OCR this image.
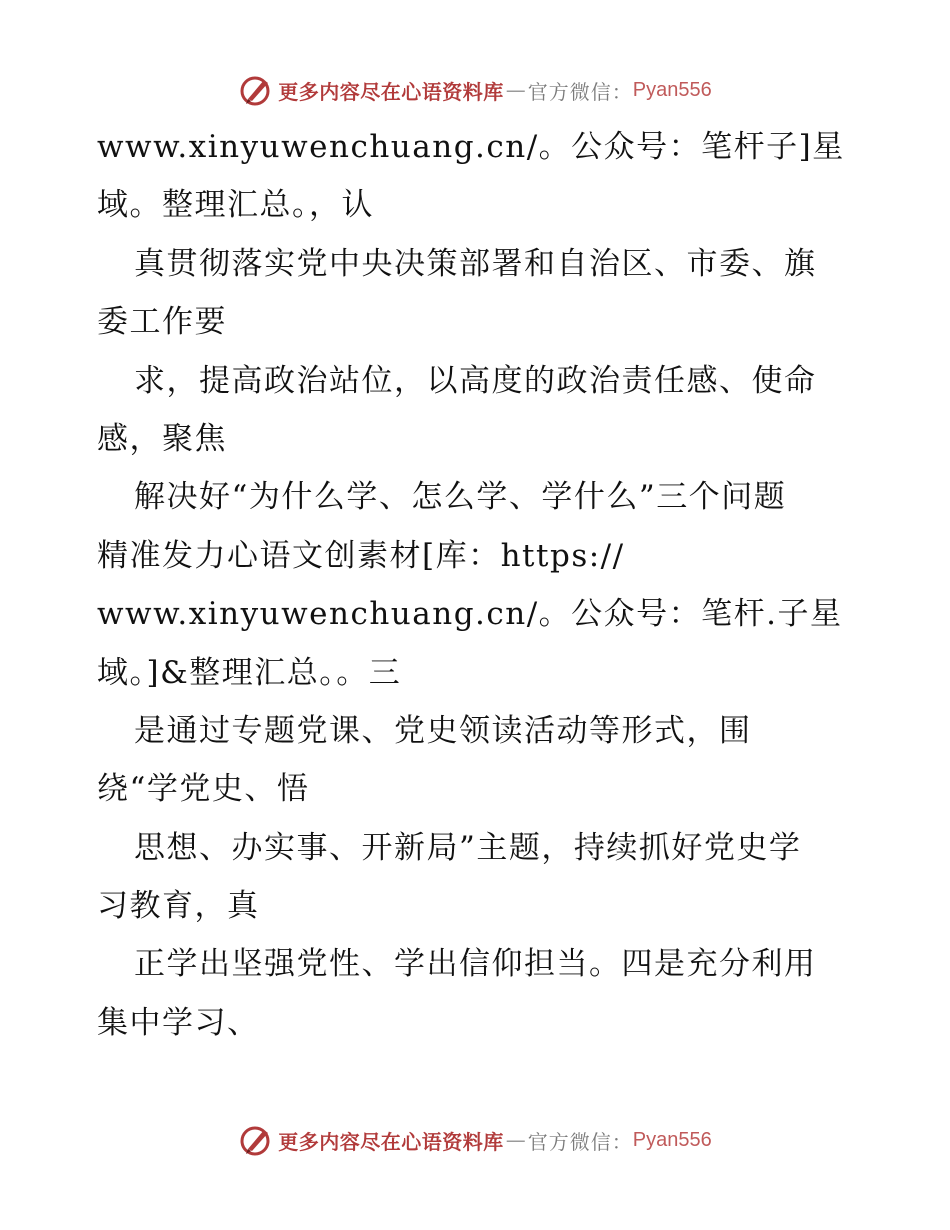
更多内容尽在心语资料库 — 官方微信： Pyan556
www.xinyuwenchuang.cn/。公众号：笔杆子]星
域。整理汇总。，认
真贯彻落实党中央决策部署和自治区、市委、旗
委工作要
求，提高政治站位，以高度的政治责任感、使命
感，聚焦
解决好“为什么学、怎么学、学什么”三个问题
精准发力心语文创素材[库：https://
www.xinyuwenchuang.cn/。公众号：笔杆.子星
域。]&整理汇总。。三
是通过专题党课、党史领读活动等形式，围
绕“学党史、悟
思想、办实事、开新局”主题，持续抓好党史学
习教育，真
正学出坚强党性、学出信仰担当。四是充分利用
集中学习、
更多内容尽在心语资料库 — 官方微信： Pyan556
